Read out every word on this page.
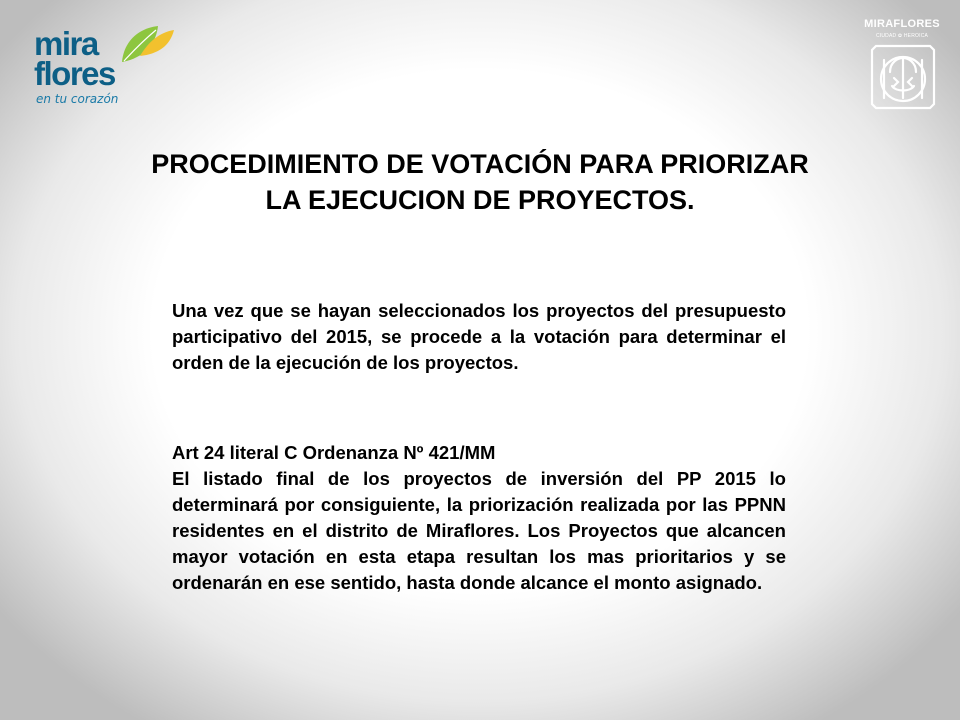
mira
flores
en tu corazón
MIRAFLORES
CIUDAD ✿ HEROICA
PROCEDIMIENTO DE VOTACIÓN PARA PRIORIZAR LA EJECUCION DE PROYECTOS.

Una vez que se hayan seleccionados los proyectos del presupuesto participativo del 2015, se procede a la votación para determinar el orden de la ejecución de los proyectos.

Art 24 literal C Ordenanza Nº 421/MM

El listado final de los proyectos de inversión del PP 2015 lo determinará por consiguiente, la priorización realizada por las PPNN residentes en el distrito de Miraflores. Los Proyectos que alcancen mayor votación en esta etapa resultan los mas prioritarios y se ordenarán en ese sentido, hasta donde alcance el monto asignado.
